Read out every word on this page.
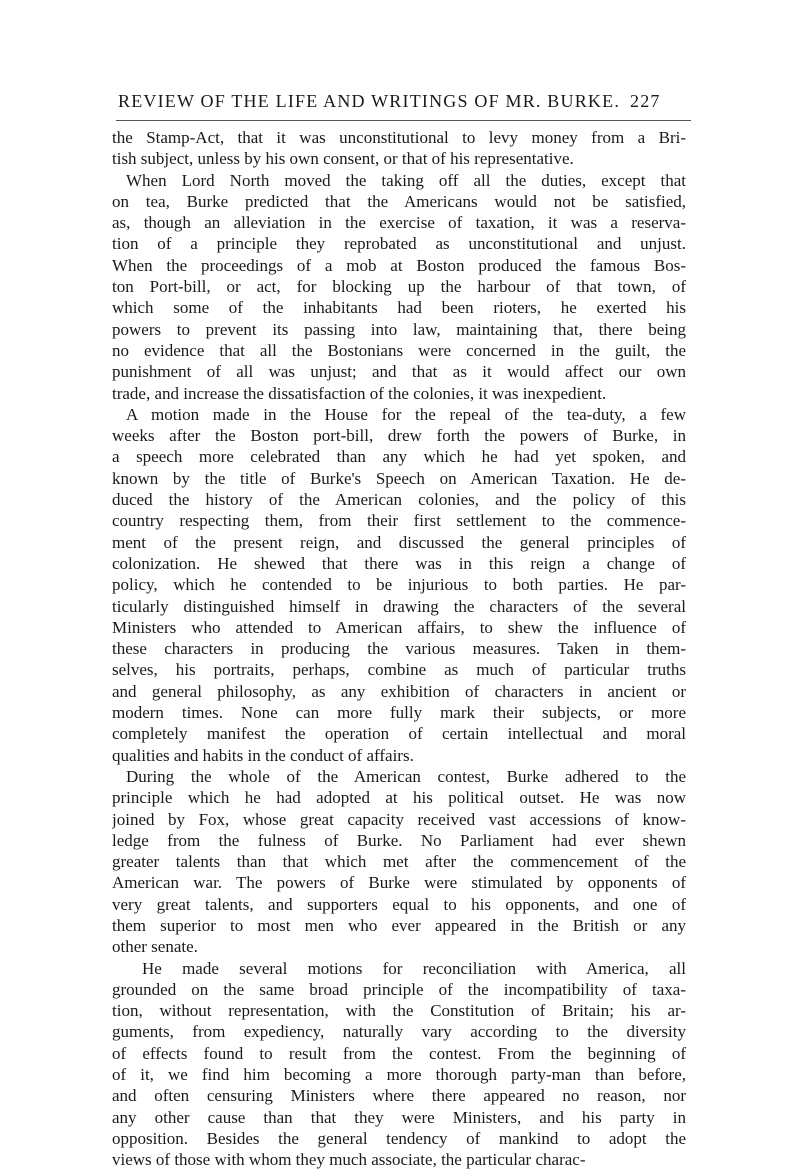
REVIEW OF THE LIFE AND WRITINGS OF MR. BURKE. 227
the Stamp-Act, that it was unconstitutional to levy money from a Bri-
tish subject, unless by his own consent, or that of his representative.
When Lord North moved the taking off all the duties, except that
on tea, Burke predicted that the Americans would not be satisfied,
as, though an alleviation in the exercise of taxation, it was a reserva-
tion of a principle they reprobated as unconstitutional and unjust.
When the proceedings of a mob at Boston produced the famous Bos-
ton Port-bill, or act, for blocking up the harbour of that town, of
which some of the inhabitants had been rioters, he exerted his
powers to prevent its passing into law, maintaining that, there being
no evidence that all the Bostonians were concerned in the guilt, the
punishment of all was unjust; and that as it would affect our own
trade, and increase the dissatisfaction of the colonies, it was inexpedient.
A motion made in the House for the repeal of the tea-duty, a few
weeks after the Boston port-bill, drew forth the powers of Burke, in
a speech more celebrated than any which he had yet spoken, and
known by the title of Burke's Speech on American Taxation. He de-
duced the history of the American colonies, and the policy of this
country respecting them, from their first settlement to the commence-
ment of the present reign, and discussed the general principles of
colonization. He shewed that there was in this reign a change of
policy, which he contended to be injurious to both parties. He par-
ticularly distinguished himself in drawing the characters of the several
Ministers who attended to American affairs, to shew the influence of
these characters in producing the various measures. Taken in them-
selves, his portraits, perhaps, combine as much of particular truths
and general philosophy, as any exhibition of characters in ancient or
modern times. None can more fully mark their subjects, or more
completely manifest the operation of certain intellectual and moral
qualities and habits in the conduct of affairs.
During the whole of the American contest, Burke adhered to the
principle which he had adopted at his political outset. He was now
joined by Fox, whose great capacity received vast accessions of know-
ledge from the fulness of Burke. No Parliament had ever shewn
greater talents than that which met after the commencement of the
American war. The powers of Burke were stimulated by opponents of
very great talents, and supporters equal to his opponents, and one of
them superior to most men who ever appeared in the British or any
other senate.
He made several motions for reconciliation with America, all
grounded on the same broad principle of the incompatibility of taxa-
tion, without representation, with the Constitution of Britain; his ar-
guments, from expediency, naturally vary according to the diversity
of effects found to result from the contest. From the beginning of
of it, we find him becoming a more thorough party-man than before,
and often censuring Ministers where there appeared no reason, nor
any other cause than that they were Ministers, and his party in
opposition. Besides the general tendency of mankind to adopt the
views of those with whom they much associate, the particular charac-
